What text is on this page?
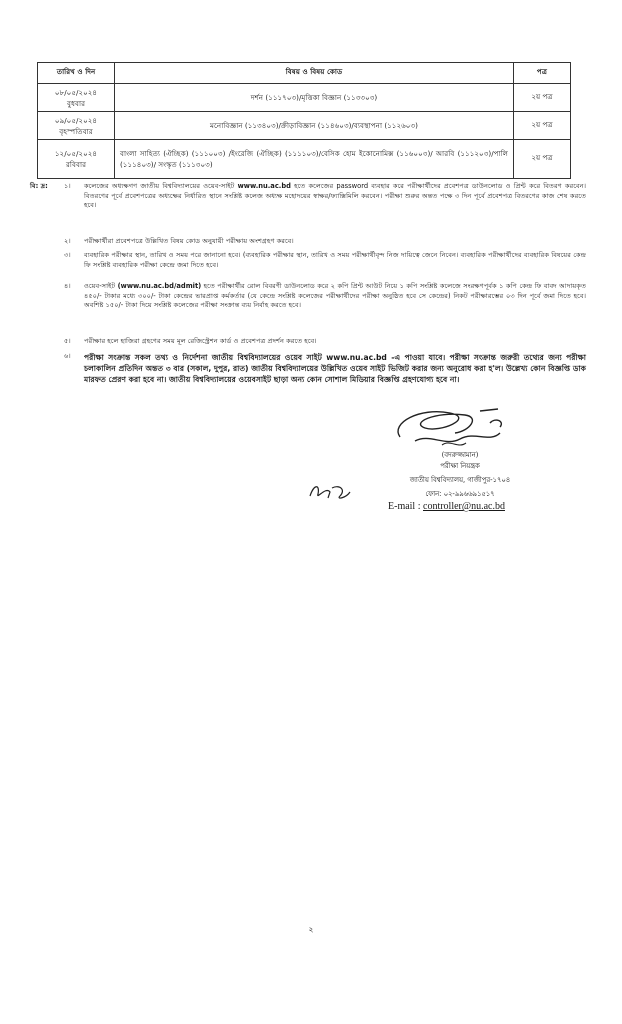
তারিখ ও দিন	বিষয় ও বিষয় কোড	পত্র

০৮/০৫/২০২৪
বুধবার	দর্শন (১১১৭০৩)/মৃত্তিকা বিজ্ঞান (১১৩৩০৩)	২য় পত্র

০৯/০৫/২০২৪
বৃহস্পতিবার	মনোবিজ্ঞান (১১৩৪০৩)/ক্রীড়াবিজ্ঞান (১১৪৬০৩)/ব্যবস্থাপনা (১১২৬০৩)	২য় পত্র

১২/০৫/২০২৪
রবিবার	বাংলা সাহিত্য (ঐচ্ছিক) (১১১০০৩) /ইংরেজি (ঐচ্ছিক) (১১১১০৩)/বেসিক হোম ইকোনোমিক্স (১১৬০০৩)/ আরবি (১১১২০৩)/পালি (১১১৪০৩)/ সংস্কৃত (১১১৩০৩)	২য় পত্র
বি: দ্র:	১।	কলেজের অধ্যক্ষগণ জাতীয় বিশ্ববিদ্যালয়ের ওয়েব-সাইট www.nu.ac.bd হতে কলেজের password ব্যবহার করে পরীক্ষার্থীদের প্রবেশপত্র ডাউনলোড ও প্রিন্ট করে বিতরণ করবেন। বিতরণের পূর্বে প্রবেশপত্রের অধ্যক্ষের নির্ধারিত স্থানে সংশ্লিষ্ট কলেজ অধ্যক্ষ মহোদয়ের স্বাক্ষর/ফ্যাক্সিমিলি করবেন। পরীক্ষা শুরুর অন্তত পক্ষে ৩ দিন পূর্বে প্রবেশপত্র বিতরণের কাজ শেষ করতে হবে।
২।	পরীক্ষার্থীরা প্রবেশপত্রে উল্লিখিত বিষয় কোড অনুযায়ী পরীক্ষায় অংশগ্রহণ করবে।
৩।	ব্যবহারিক পরীক্ষার স্থান, তারিখ ও সময় পরে জানানো হবে। (ব্যবহারিক পরীক্ষার স্থান, তারিখ ও সময় পরীক্ষার্থীবৃন্দ নিজ দায়িত্বে জেনে নিবেন। ব্যবহারিক পরীক্ষার্থীদের ব্যবহারিক বিষয়ের কেন্দ্র ফি সংশ্লিষ্ট ব্যবহারিক পরীক্ষা কেন্দ্রে জমা দিতে হবে।
৪।	ওয়েব-সাইট (www.nu.ac.bd/admit) হতে পরীক্ষার্থীর রোল বিবরণী ডাউনলোড করে ২ কপি প্রিন্ট আউট নিয়ে ১ কপি সংশ্লিষ্ট কলেজে সংরক্ষণপূর্বক ১ কপি কেন্দ্র ফি বাবদ আদায়কৃত ৪৫০/- টাকার মধ্যে ৩০০/- টাকা কেন্দ্রের ভারপ্রাপ্ত কর্মকর্তার (যে কেন্দ্রে সংশ্লিষ্ট কলেজের পরীক্ষার্থীদের পরীক্ষা অনুষ্ঠিত হবে সে কেন্দ্রের) নিকট পরীক্ষারম্ভের ০৩ দিন পূর্বে জমা দিতে হবে। অবশিষ্ট ১৫০/- টাকা দিয়ে সংশ্লিষ্ট কলেজের পরীক্ষা সংক্রান্ত ব্যয় নির্বাহ করতে হবে।
৫।	পরীক্ষার হলে হাজিরা গ্রহণের সময় মূল রেজিস্ট্রেশন কার্ড ও প্রবেশপত্র প্রদর্শন করতে হবে।
৬।	পরীক্ষা সংক্রান্ত সকল তথ্য ও নির্দেশনা জাতীয় বিশ্ববিদ্যালয়ের ওয়েব সাইট www.nu.ac.bd -এ পাওয়া যাবে। পরীক্ষা সংক্রান্ত জরুরী তথ্যের জন্য পরীক্ষা চলাকালিন প্রতিদিন অন্তত ৩ বার (সকাল, দুপুর, রাত) জাতীয় বিশ্ববিদ্যালয়ের উল্লিখিত ওয়েব সাইট ভিজিট করার জন্য অনুরোধ করা হ'ল। উল্লেখ্য কোন বিজ্ঞপ্তি ডাক মারফত প্রেরণ করা হবে না। জাতীয় বিশ্ববিদ্যালয়ের ওয়েবসাইট ছাড়া অন্য কোন সোশাল মিডিয়ার বিজ্ঞপ্তি গ্রহণযোগ্য হবে না।
(বদরুজ্জামান)
পরীক্ষা নিয়ন্ত্রক
জাতীয় বিশ্ববিদ্যালয়, গাজীপুর-১৭০৪
ফোন: ০২-৯৯৬৬৯১৫১৭
E-mail : controller@nu.ac.bd
২
